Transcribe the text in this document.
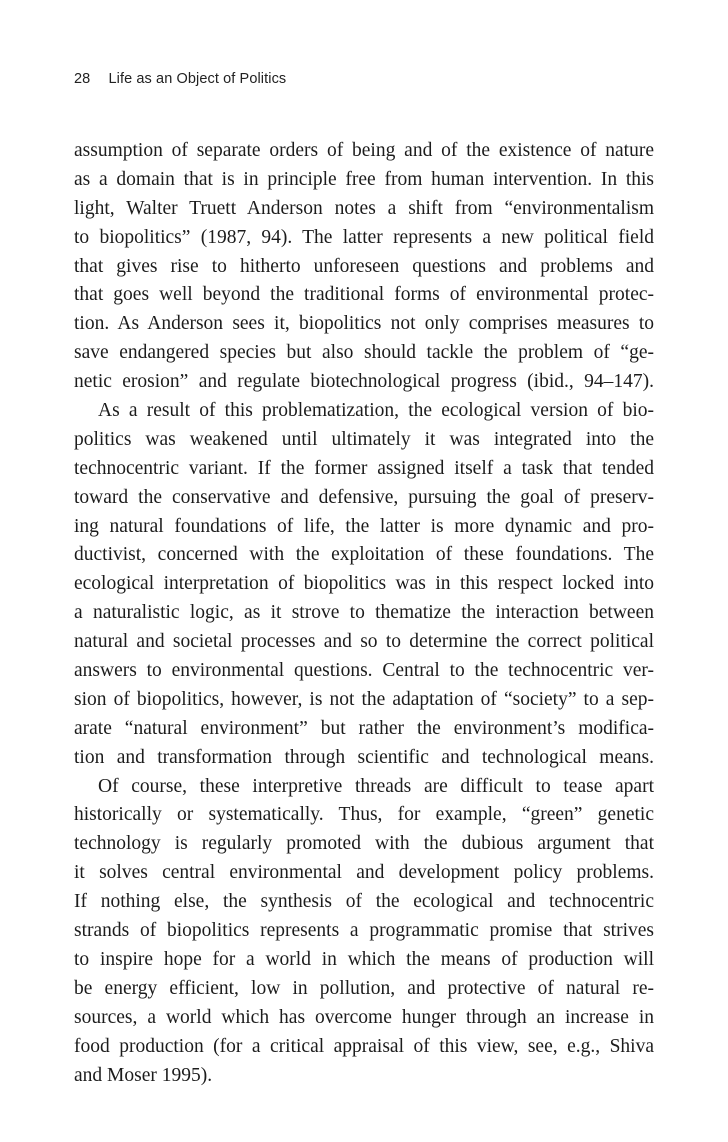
28 Life as an Object of Politics
assumption of separate orders of being and of the existence of nature
as a domain that is in principle free from human intervention. In this
light, Walter Truett Anderson notes a shift from “environmentalism
to biopolitics” (1987, 94). The latter represents a new political field
that gives rise to hitherto unforeseen questions and problems and
that goes well beyond the traditional forms of environmental protec-
tion. As Anderson sees it, biopolitics not only comprises measures to
save endangered species but also should tackle the problem of “ge-
netic erosion” and regulate biotechnological progress (ibid., 94–147).
As a result of this problematization, the ecological version of bio-
politics was weakened until ultimately it was integrated into the
technocentric variant. If the former assigned itself a task that tended
toward the conservative and defensive, pursuing the goal of preserv-
ing natural foundations of life, the latter is more dynamic and pro-
ductivist, concerned with the exploitation of these foundations. The
ecological interpretation of biopolitics was in this respect locked into
a naturalistic logic, as it strove to thematize the interaction between
natural and societal processes and so to determine the correct political
answers to environmental questions. Central to the technocentric ver-
sion of biopolitics, however, is not the adaptation of “society” to a sep-
arate “natural environment” but rather the environment’s modifica-
tion and transformation through scientific and technological means.
Of course, these interpretive threads are difficult to tease apart
historically or systematically. Thus, for example, “green” genetic
technology is regularly promoted with the dubious argument that
it solves central environmental and development policy problems.
If nothing else, the synthesis of the ecological and technocentric
strands of biopolitics represents a programmatic promise that strives
to inspire hope for a world in which the means of production will
be energy efficient, low in pollution, and protective of natural re-
sources, a world which has overcome hunger through an increase in
food production (for a critical appraisal of this view, see, e.g., Shiva
and Moser 1995).
